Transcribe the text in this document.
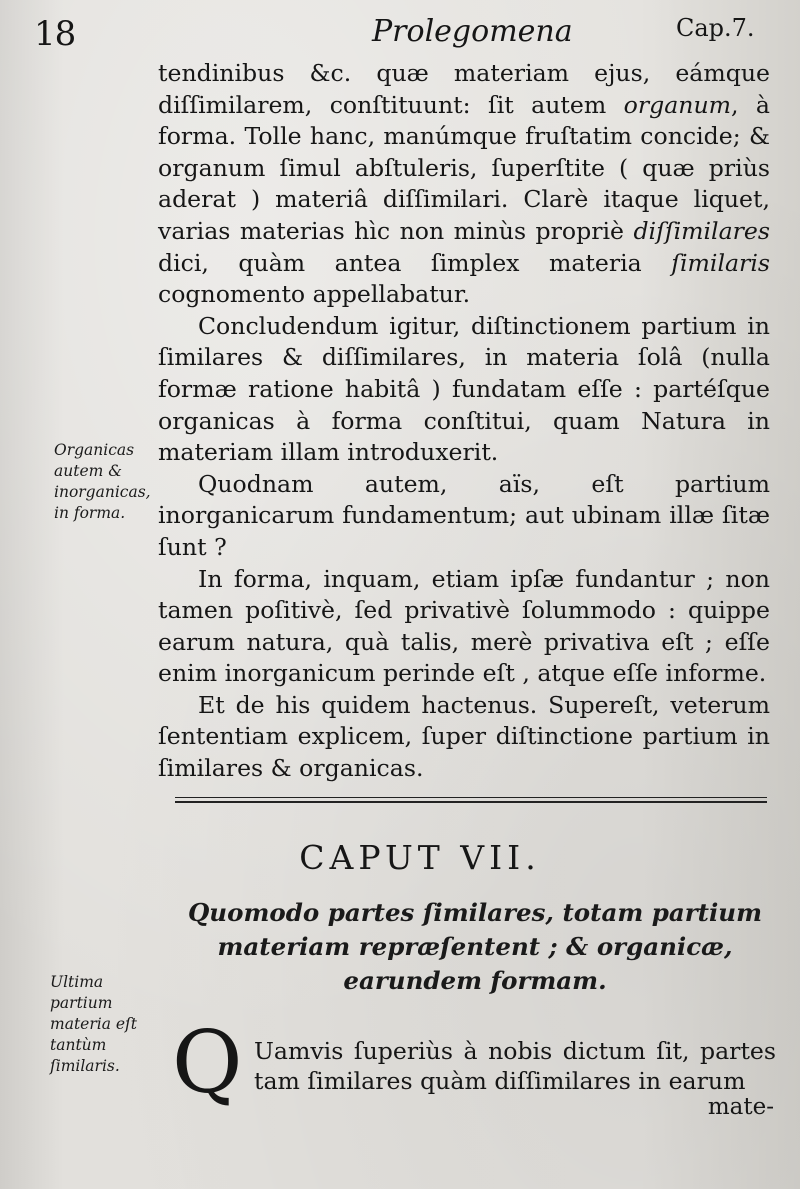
18	Prolegomena	Cap.7.

tendinibus &c. quæ materiam ejus, eámque diſſimilarem, conſtituunt: ſit autem organum, à forma. Tolle hanc, manúmque fruſtatim concide; & organum ſimul abſtuleris, ſuperſtite ( quæ priùs aderat ) materiâ diſſimilari. Clarè itaque liquet, varias materias hìc non minùs propriè diſſimilares dici, quàm antea ſimplex materia ſimilaris cognomento appellabatur.

Concludendum igitur, diſtinctionem partium in ſimilares & diſſimilares, in materia ſolâ (nulla formæ ratione habitâ ) fundatam eſſe : partéſque organicas à forma conſtitui, quam Natura in materiam illam introduxerit.

Quodnam autem, aïs, eſt partium inorganicarum fundamentum; aut ubinam illæ ſitæ ſunt ?

In forma, inquam, etiam ipſæ fundantur ; non tamen poſitivè, ſed privativè ſolummodo : quippe earum natura, quà talis, merè privativa eſt ; eſſe enim inorganicum perinde eſt , atque eſſe informe.

Et de his quidem hactenus. Supereſt, veterum ſententiam explicem, ſuper diſtinctione partium in ſimilares & organicas.

Organicas autem & inorganicas, in forma.
Ultima partium materia eſt tantùm ſimilaris.
CAPUT VII.
Quomodo partes ſimilares, totam partium materiam repræſentent ; & organicæ, earundem formam.
Q Uamvis ſuperiùs à nobis dictum ſit, partes tam ſimilares quàm diſſimilares in earum
mate-
